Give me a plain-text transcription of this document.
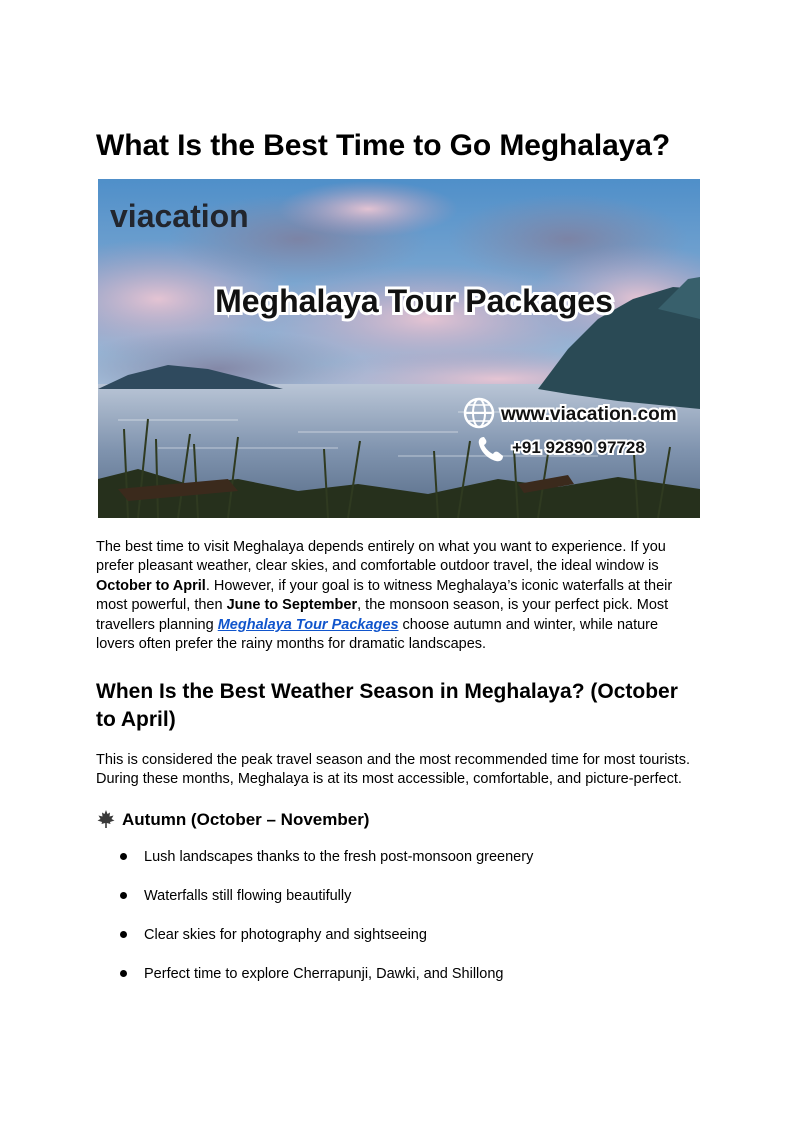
What Is the Best Time to Go Meghalaya?
viacation
Meghalaya Tour Packages
www.viacation.com
+91 92890 97728

The best time to visit Meghalaya depends entirely on what you want to experience. If you prefer pleasant weather, clear skies, and comfortable outdoor travel, the ideal window is October to April. However, if your goal is to witness Meghalaya’s iconic waterfalls at their most powerful, then June to September, the monsoon season, is your perfect pick. Most travellers planning Meghalaya Tour Packages choose autumn and winter, while nature lovers often prefer the rainy months for dramatic landscapes.

When Is the Best Weather Season in Meghalaya? (October to April)

This is considered the peak travel season and the most recommended time for most tourists. During these months, Meghalaya is at its most accessible, comfortable, and picture-perfect.

Autumn (October – November)
Lush landscapes thanks to the fresh post-monsoon greenery
Waterfalls still flowing beautifully
Clear skies for photography and sightseeing
Perfect time to explore Cherrapunji, Dawki, and Shillong
